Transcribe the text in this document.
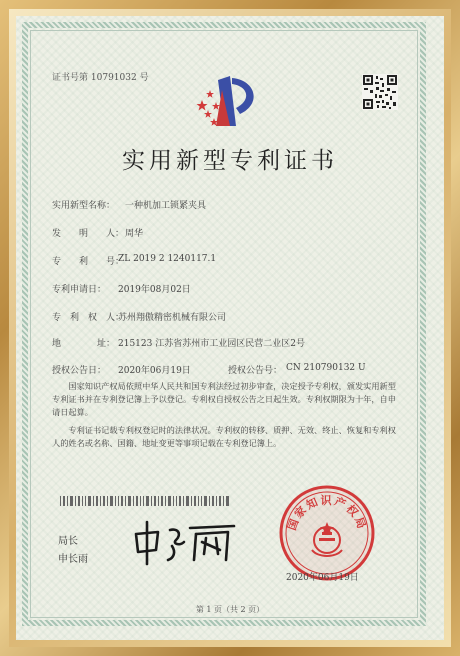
证书号第 10791032 号
实用新型专利证书
实用新型名称： 一种机加工锁紧夹具
发　　明　　人： 周华
专　　利　　号：
ZL 2019 2 1240117.1
专利申请日： 2019年08月02日
专　利　权　人：
苏州翔傲精密机械有限公司
地　　　　址： 215123 江苏省苏州市工业园区民营二业区2号
授权公告日： 2020年06月19日	授权公告号： CN 210790132 U
国家知识产权局依照中华人民共和国专利法经过初步审查，决定授予专利权，颁发实用新型专利证书并在专利登记簿上予以登记。专利权自授权公告之日起生效。专利权期限为十年，自申请日起算。
专利证书记载专利权登记时的法律状况。专利权的转移、质押、无效、终止、恢复和专利权人的姓名或名称、国籍、地址变更等事项记载在专利登记簿上。
局长
申长雨
国家知识产权局
2020年06月19日
第 1 页（共 2 页）
